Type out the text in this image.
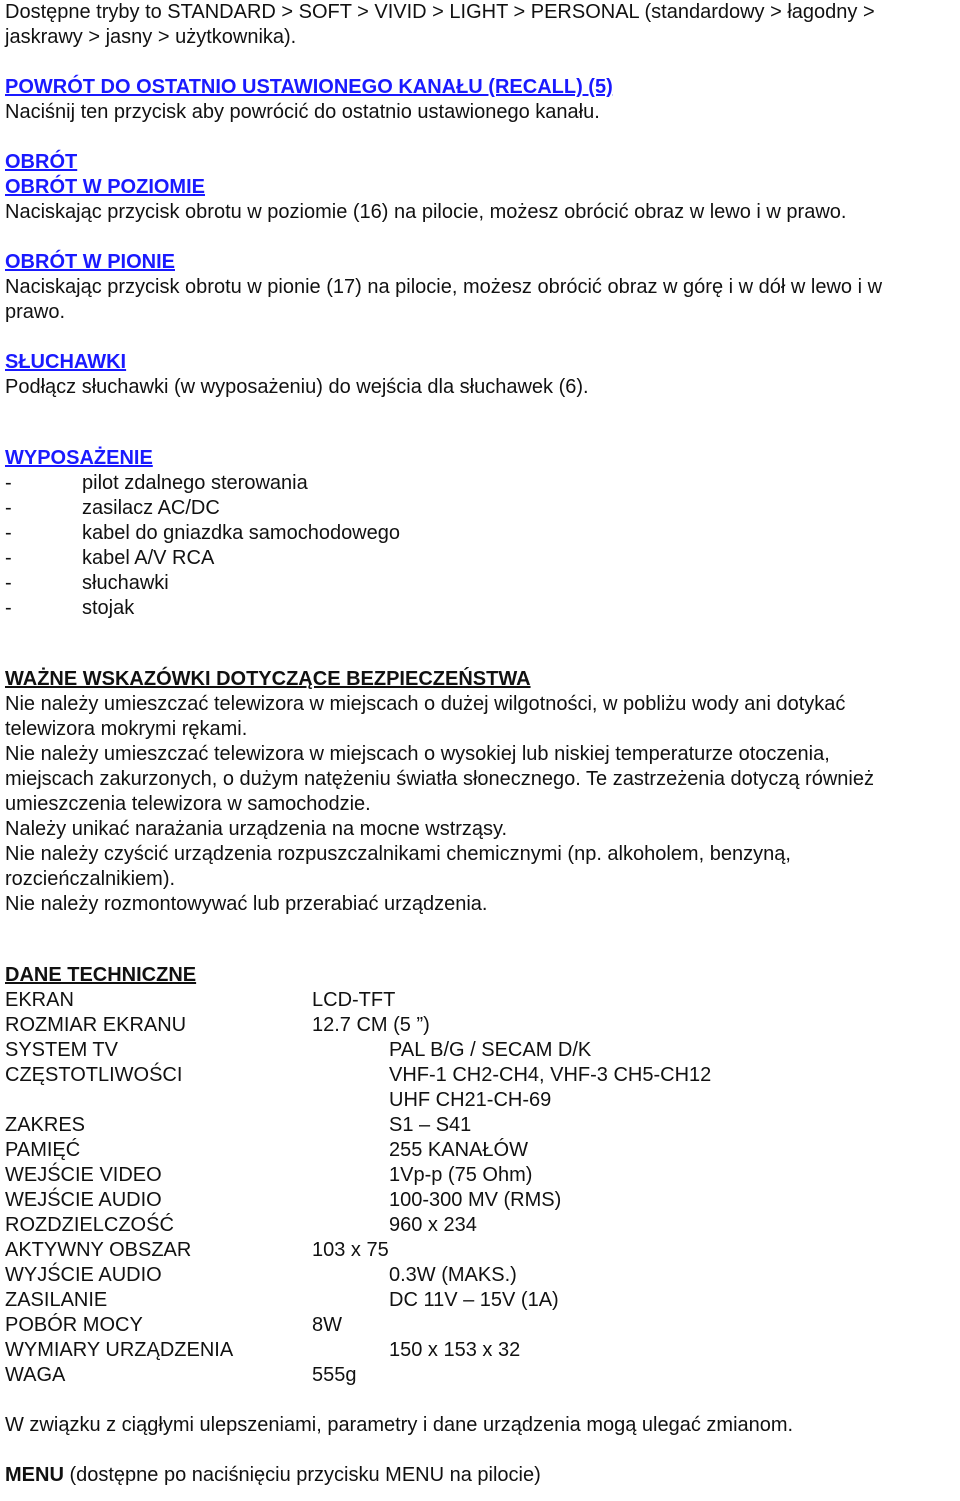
Dostępne tryby to STANDARD > SOFT > VIVID > LIGHT > PERSONAL (standardowy > łagodny >
jaskrawy > jasny > użytkownika).
POWRÓT DO OSTATNIO USTAWIONEGO KANAŁU (RECALL) (5)
Naciśnij ten przycisk aby powrócić do ostatnio ustawionego kanału.
OBRÓT
OBRÓT W POZIOMIE
Naciskając przycisk obrotu w poziomie (16) na pilocie, możesz obrócić obraz w lewo i w prawo.
OBRÓT W PIONIE
Naciskając przycisk obrotu w pionie (17) na pilocie, możesz obrócić obraz w górę i w dół w lewo i w
prawo.
SŁUCHAWKI
Podłącz słuchawki (w wyposażeniu) do wejścia dla słuchawek (6).
WYPOSAŻENIE
-	pilot zdalnego sterowania
-	zasilacz AC/DC
-	kabel do gniazdka samochodowego
-	kabel A/V RCA
-	słuchawki
-	stojak
WAŻNE WSKAZÓWKI DOTYCZĄCE BEZPIECZEŃSTWA
Nie należy umieszczać telewizora w miejscach o dużej wilgotności, w pobliżu wody ani dotykać
telewizora mokrymi rękami.
Nie należy umieszczać telewizora w miejscach o wysokiej lub niskiej temperaturze otoczenia,
miejscach zakurzonych, o dużym natężeniu światła słonecznego. Te zastrzeżenia dotyczą również
umieszczenia telewizora w samochodzie.
Należy unikać narażania urządzenia na mocne wstrząsy.
Nie należy czyścić urządzenia rozpuszczalnikami chemicznymi (np. alkoholem, benzyną,
rozcieńczalnikiem).
Nie należy rozmontowywać lub przerabiać urządzenia.
DANE TECHNICZNE
EKRAN	LCD-TFT
ROZMIAR EKRANU	12.7 CM (5 ”)
SYSTEM TV	PAL B/G / SECAM D/K
CZĘSTOTLIWOŚCI	VHF-1 CH2-CH4, VHF-3 CH5-CH12
UHF CH21-CH-69
ZAKRES	S1 – S41
PAMIĘĆ	255 KANAŁÓW
WEJŚCIE VIDEO	1Vp-p (75 Ohm)
WEJŚCIE AUDIO	100-300 MV (RMS)
ROZDZIELCZOŚĆ	960 x 234
AKTYWNY OBSZAR	103 x 75
WYJŚCIE AUDIO	0.3W (MAKS.)
ZASILANIE	DC 11V – 15V (1A)
POBÓR MOCY	8W
WYMIARY URZĄDZENIA	150 x 153 x 32
WAGA	555g
W związku z ciągłymi ulepszeniami, parametry i dane urządzenia mogą ulegać zmianom.
MENU (dostępne po naciśnięciu przycisku MENU na pilocie)
